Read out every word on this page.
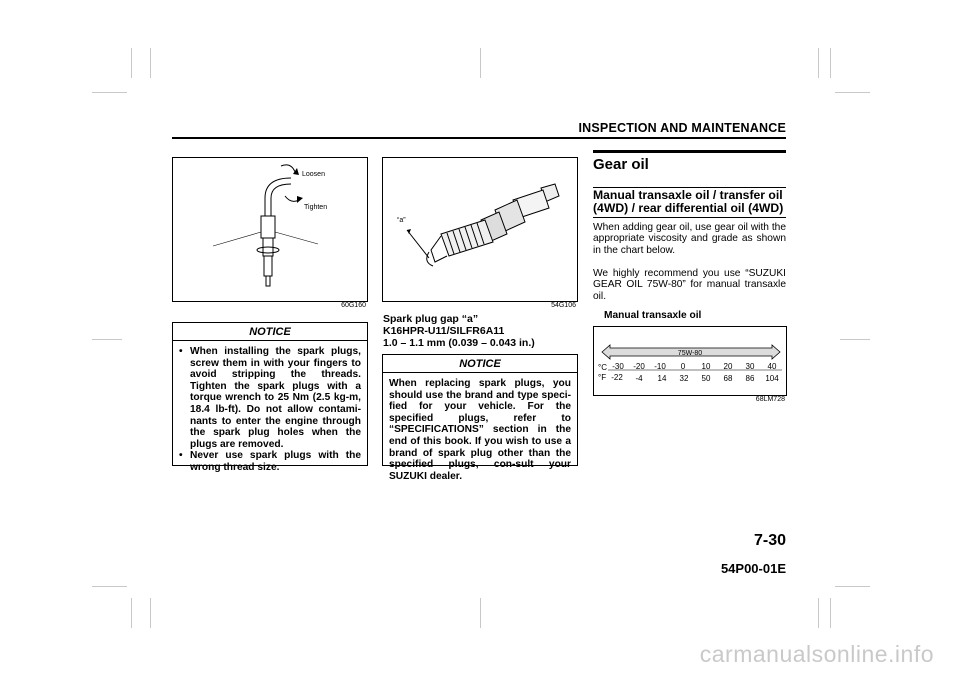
INSPECTION AND MAINTENANCE
Loosen
Tighten
60G160
NOTICE
• When installing the spark plugs, screw them in with your fingers to avoid stripping the threads. Tighten the spark plugs with a torque wrench to 25 Nm (2.5 kg-m, 18.4 lb-ft). Do not allow contami-nants to enter the engine through the spark plug holes when the plugs are removed.
• Never use spark plugs with the wrong thread size.
“a”
54G106
Spark plug gap “a”
K16HPR-U11/SILFR6A11
1.0 – 1.1 mm (0.039 – 0.043 in.)
NOTICE
When replacing spark plugs, you should use the brand and type speci-fied for your vehicle. For the specified plugs, refer to “SPECIFICATIONS” section in the end of this book. If you wish to use a brand of spark plug other than the specified plugs, con-sult your SUZUKI dealer.
Gear oil
Manual transaxle oil / transfer oil (4WD) / rear differential oil (4WD)
When adding gear oil, use gear oil with the appropriate viscosity and grade as shown in the chart below.
We highly recommend you use “SUZUKI GEAR OIL 75W-80” for manual transaxle oil.
Manual transaxle oil
75W-80
°C
°F
-30 -20 -10 0 10 20 30 40
-22 -4 14 32 50 68 86 104
68LM728
7-30
54P00-01E
carmanualsonline.info
